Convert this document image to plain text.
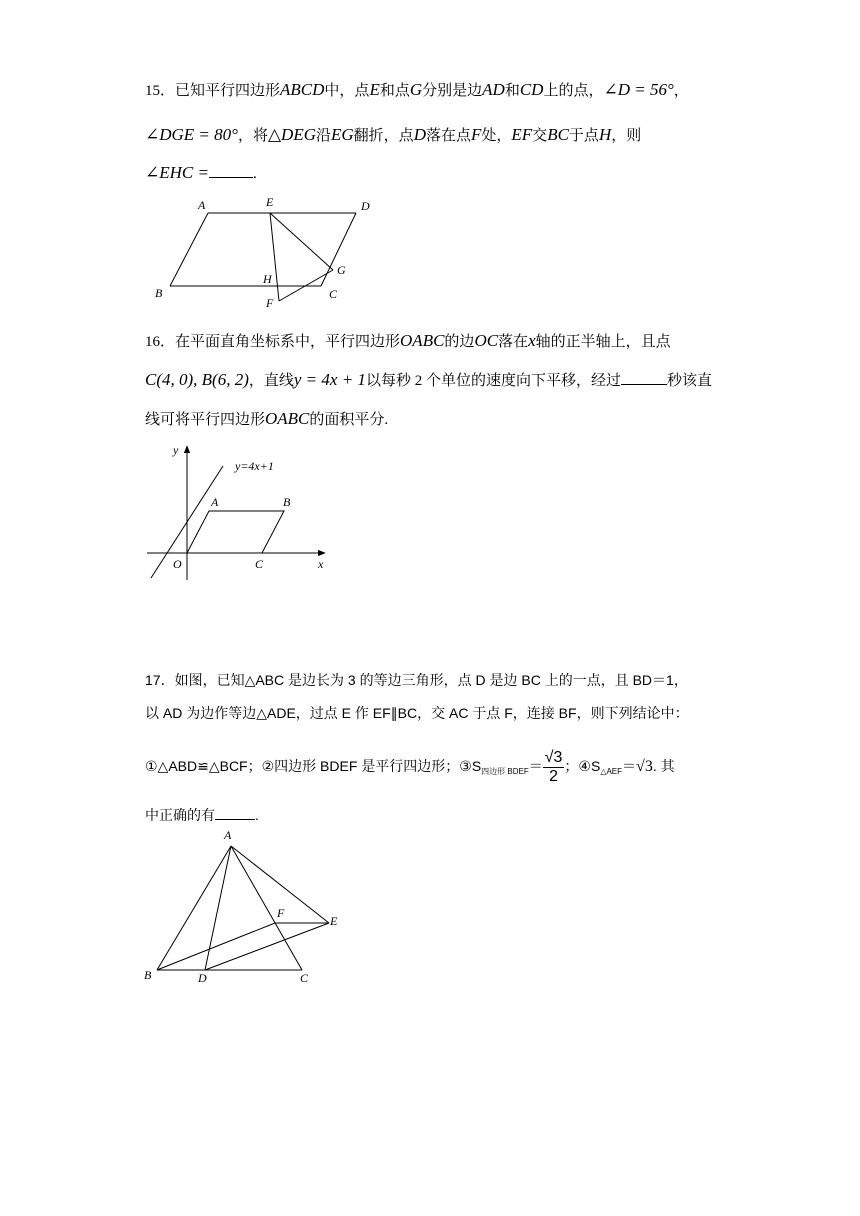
15．已知平行四边形ABCD中，点E和点G分别是边AD和CD上的点，∠D = 56°，
∠DGE = 80°，将△DEG沿EG翻折，点D落在点F处，EF交BC于点H，则
∠EHC =	.
A	E	D
H
G
B
F
C
16．在平面直角坐标系中，平行四边形OABC的边OC落在x轴的正半轴上，且点
C(4, 0), B(6, 2)，直线y = 4x + 1以每秒 2 个单位的速度向下平移，经过	秒该直
线可将平行四边形OABC的面积平分.
y
y=4x+1
A	B
O	C	x
17．如图，已知△ABC 是边长为 3 的等边三角形，点 D 是边 BC 上的一点，且 BD＝1，
以 AD 为边作等边△ADE，过点 E 作 EF∥BC，交 AC 于点 F，连接 BF，则下列结论中：
①△ABD≌△BCF；②四边形 BDEF 是平行四边形；$③S_{四边形 BDEF}= \frac{√3}{2}$ ；$④S_{\triangle AEF}=√3$. 其
中正确的有	.
A
F
E
B	D	C
